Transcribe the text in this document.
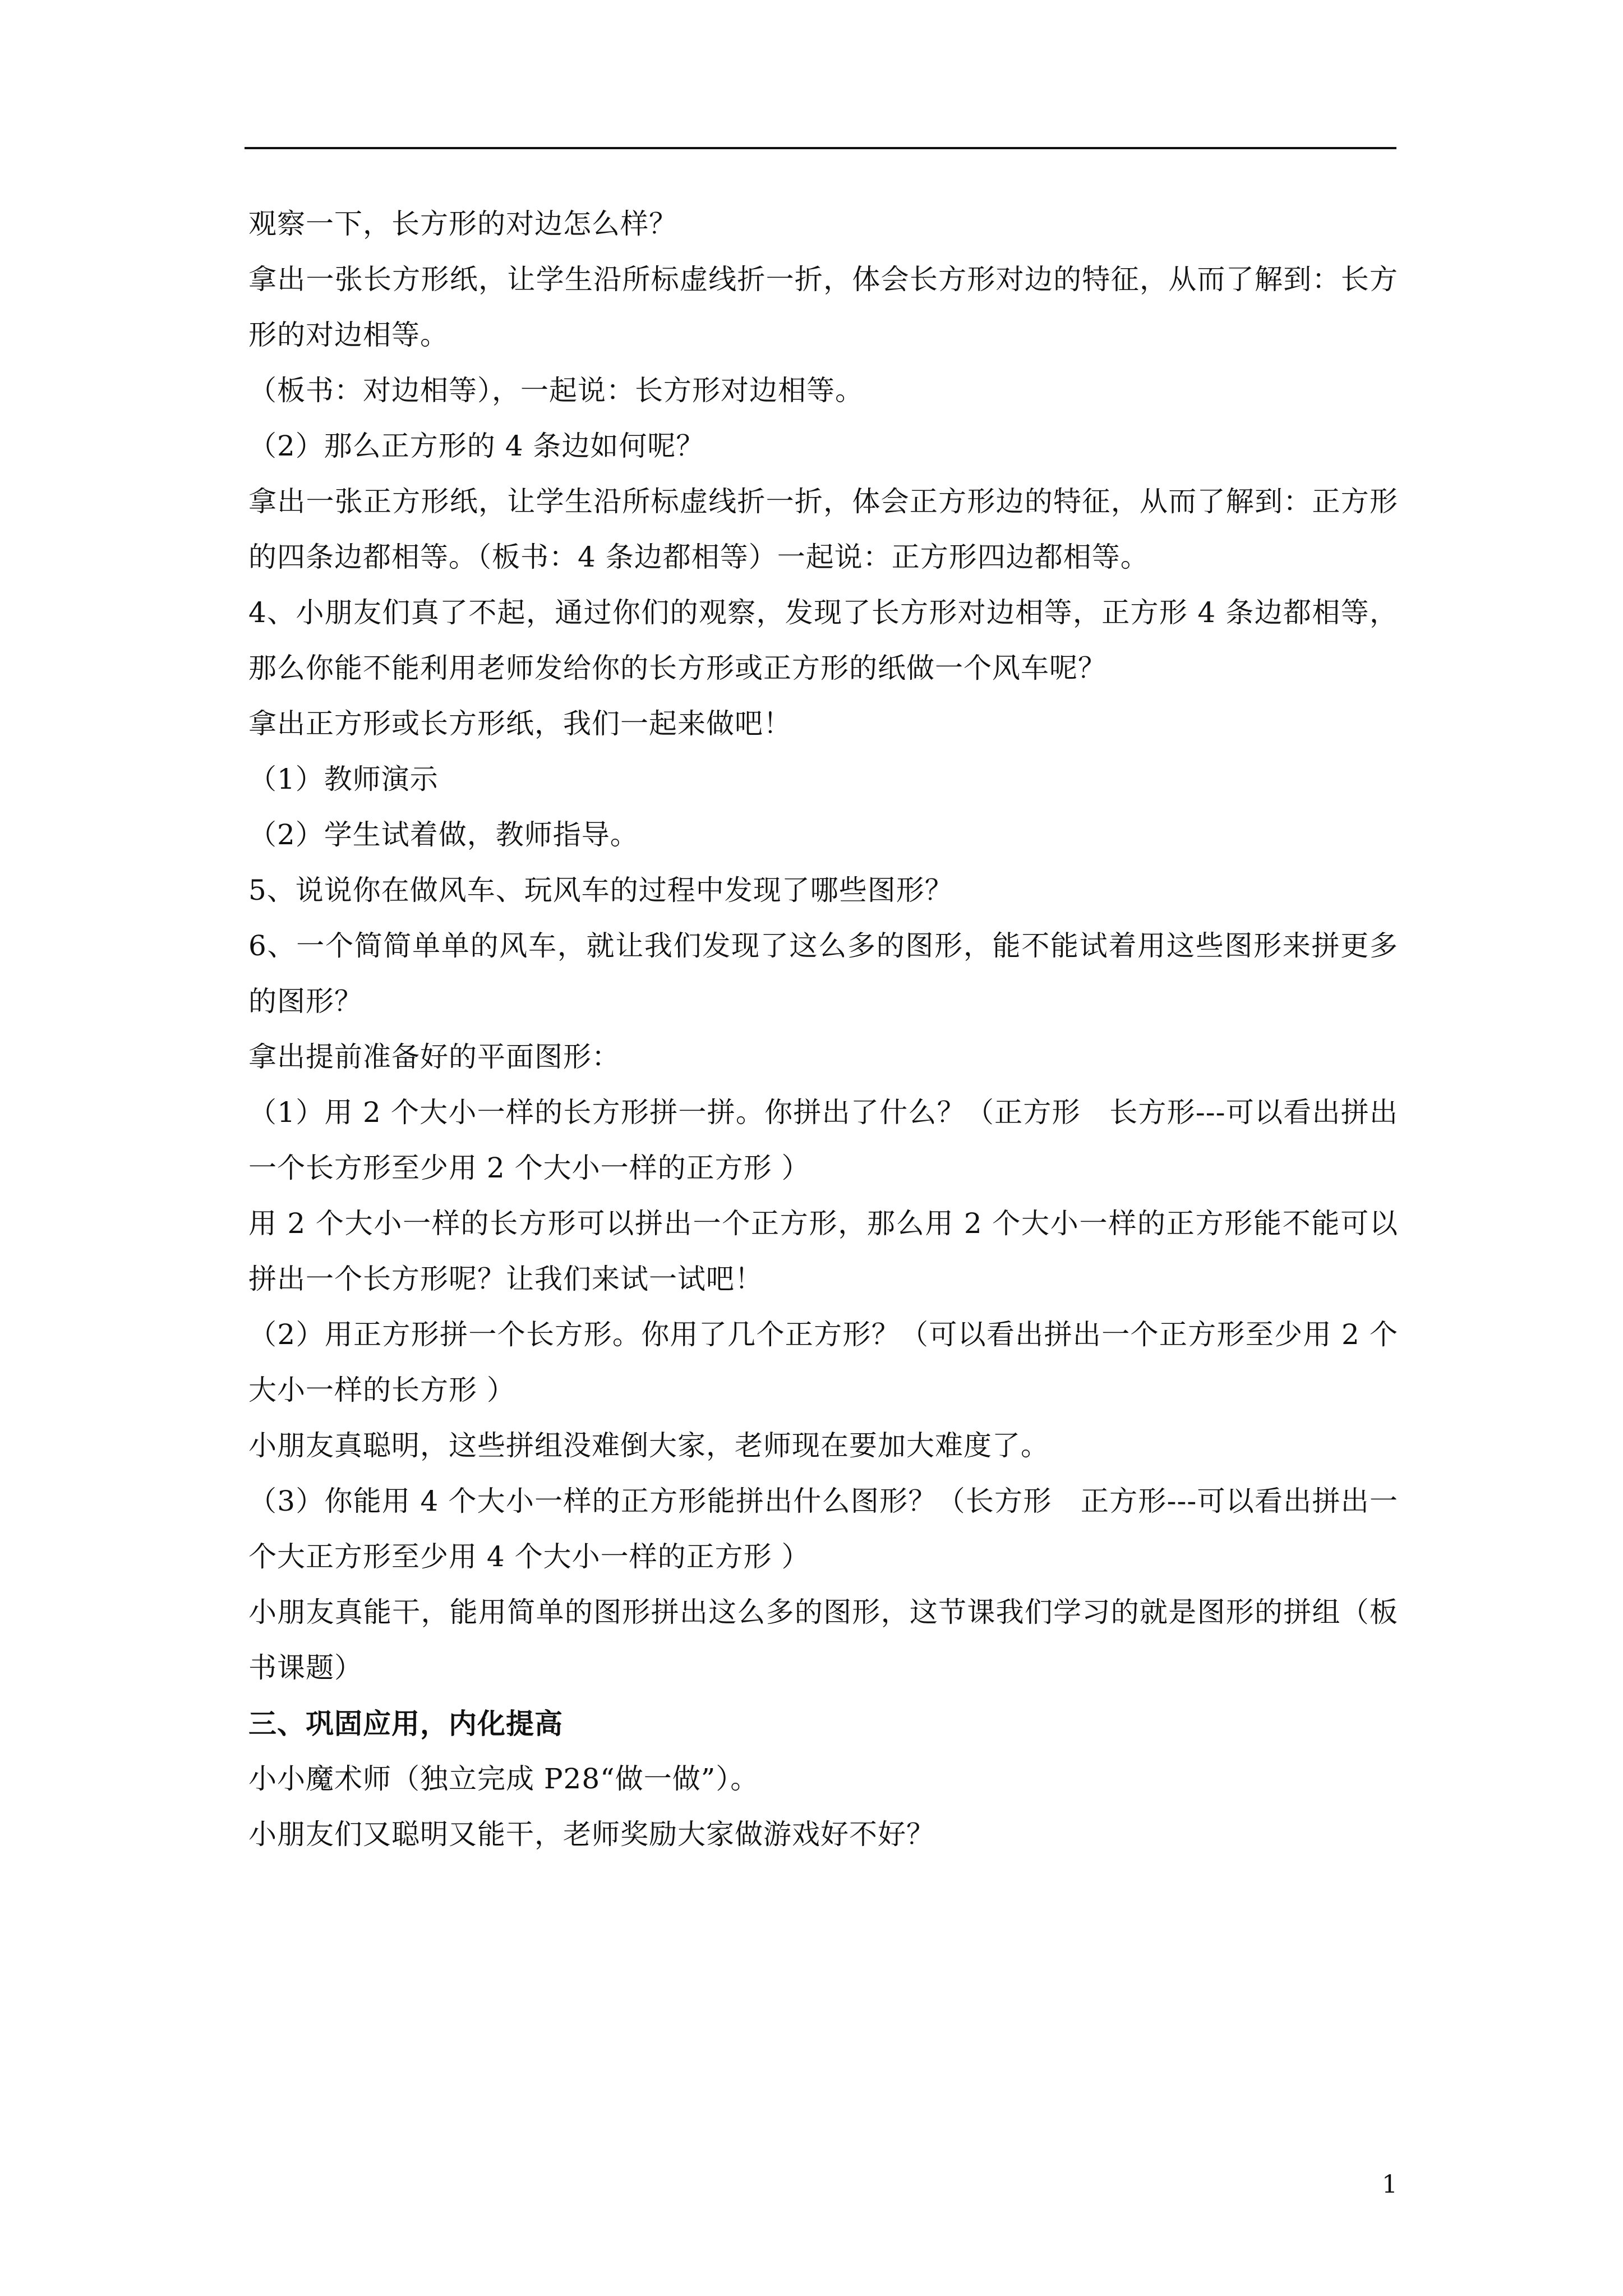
观察一下，长方形的对边怎么样？

拿出一张长方形纸，让学生沿所标虚线折一折，体会长方形对边的特征，从而了解到：长方形的对边相等。

（板书：对边相等），一起说：长方形对边相等。

（2）那么正方形的 4 条边如何呢？

拿出一张正方形纸，让学生沿所标虚线折一折，体会正方形边的特征，从而了解到：正方形的四条边都相等。（板书：4 条边都相等）一起说：正方形四边都相等。

4、小朋友们真了不起，通过你们的观察，发现了长方形对边相等，正方形 4 条边都相等，那么你能不能利用老师发给你的长方形或正方形的纸做一个风车呢？

拿出正方形或长方形纸，我们一起来做吧！

（1）教师演示

（2）学生试着做，教师指导。

5、说说你在做风车、玩风车的过程中发现了哪些图形？

6、一个简简单单的风车，就让我们发现了这么多的图形，能不能试着用这些图形来拼更多的图形？

拿出提前准备好的平面图形：

（1）用 2 个大小一样的长方形拼一拼。你拼出了什么？（正方形　长方形---可以看出拼出一个长方形至少用 2 个大小一样的正方形 ）

用 2 个大小一样的长方形可以拼出一个正方形，那么用 2 个大小一样的正方形能不能可以拼出一个长方形呢？让我们来试一试吧！

（2）用正方形拼一个长方形。你用了几个正方形？（可以看出拼出一个正方形至少用 2 个大小一样的长方形 ）

小朋友真聪明，这些拼组没难倒大家，老师现在要加大难度了。

（3）你能用 4 个大小一样的正方形能拼出什么图形？（长方形　正方形---可以看出拼出一个大正方形至少用 4 个大小一样的正方形 ）

小朋友真能干，能用简单的图形拼出这么多的图形，这节课我们学习的就是图形的拼组（板书课题）

三、巩固应用，内化提高

小小魔术师（独立完成 P28“做一做”）。

小朋友们又聪明又能干，老师奖励大家做游戏好不好？

1
